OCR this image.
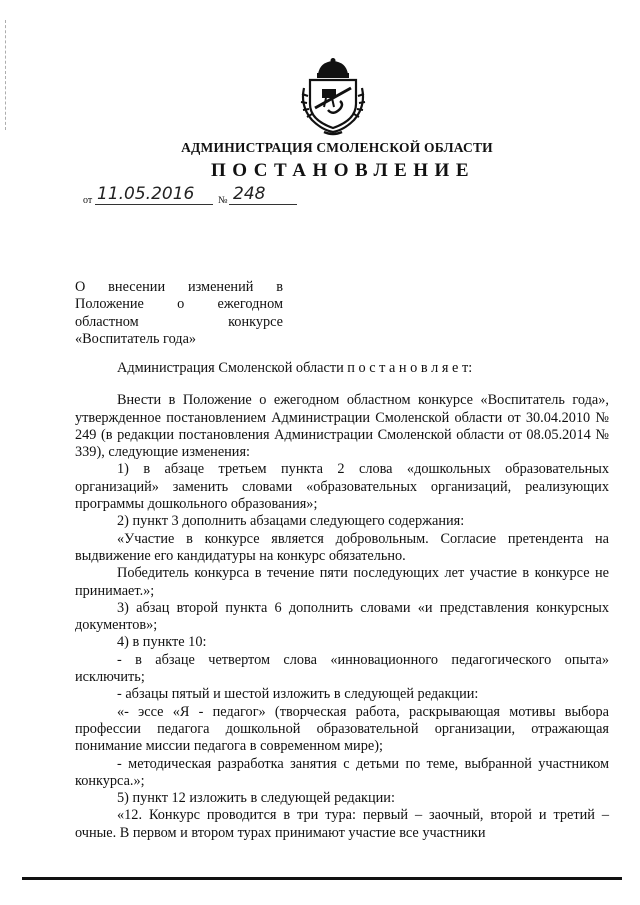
АДМИНИСТРАЦИЯ СМОЛЕНСКОЙ ОБЛАСТИ
ПОСТАНОВЛЕНИЕ
от 11.05.2016 № 248
О внесении изменений в
Положение о ежегодном
областном конкурсе
«Воспитатель года»

Администрация Смоленской области п о с т а н о в л я е т:

Внести в Положение о ежегодном областном конкурсе «Воспитатель года», утвержденное постановлением Администрации Смоленской области от 30.04.2010 № 249 (в редакции постановления Администрации Смоленской области от 08.05.2014 № 339), следующие изменения:

1) в абзаце третьем пункта 2 слова «дошкольных образовательных организаций» заменить словами «образовательных организаций, реализующих программы дошкольного образования»;

2) пункт 3 дополнить абзацами следующего содержания:

«Участие в конкурсе является добровольным. Согласие претендента на выдвижение его кандидатуры на конкурс обязательно.

Победитель конкурса в течение пяти последующих лет участие в конкурсе не принимает.»;

3) абзац второй пункта 6 дополнить словами «и представления конкурсных документов»;

4) в пункте 10:

- в абзаце четвертом слова «инновационного педагогического опыта» исключить;

- абзацы пятый и шестой изложить в следующей редакции:

«- эссе «Я - педагог» (творческая работа, раскрывающая мотивы выбора профессии педагога дошкольной образовательной организации, отражающая понимание миссии педагога в современном мире);

- методическая разработка занятия с детьми по теме, выбранной участником конкурса.»;

5) пункт 12 изложить в следующей редакции:

«12. Конкурс проводится в три тура: первый – заочный, второй и третий – очные. В первом и втором турах принимают участие все участники
